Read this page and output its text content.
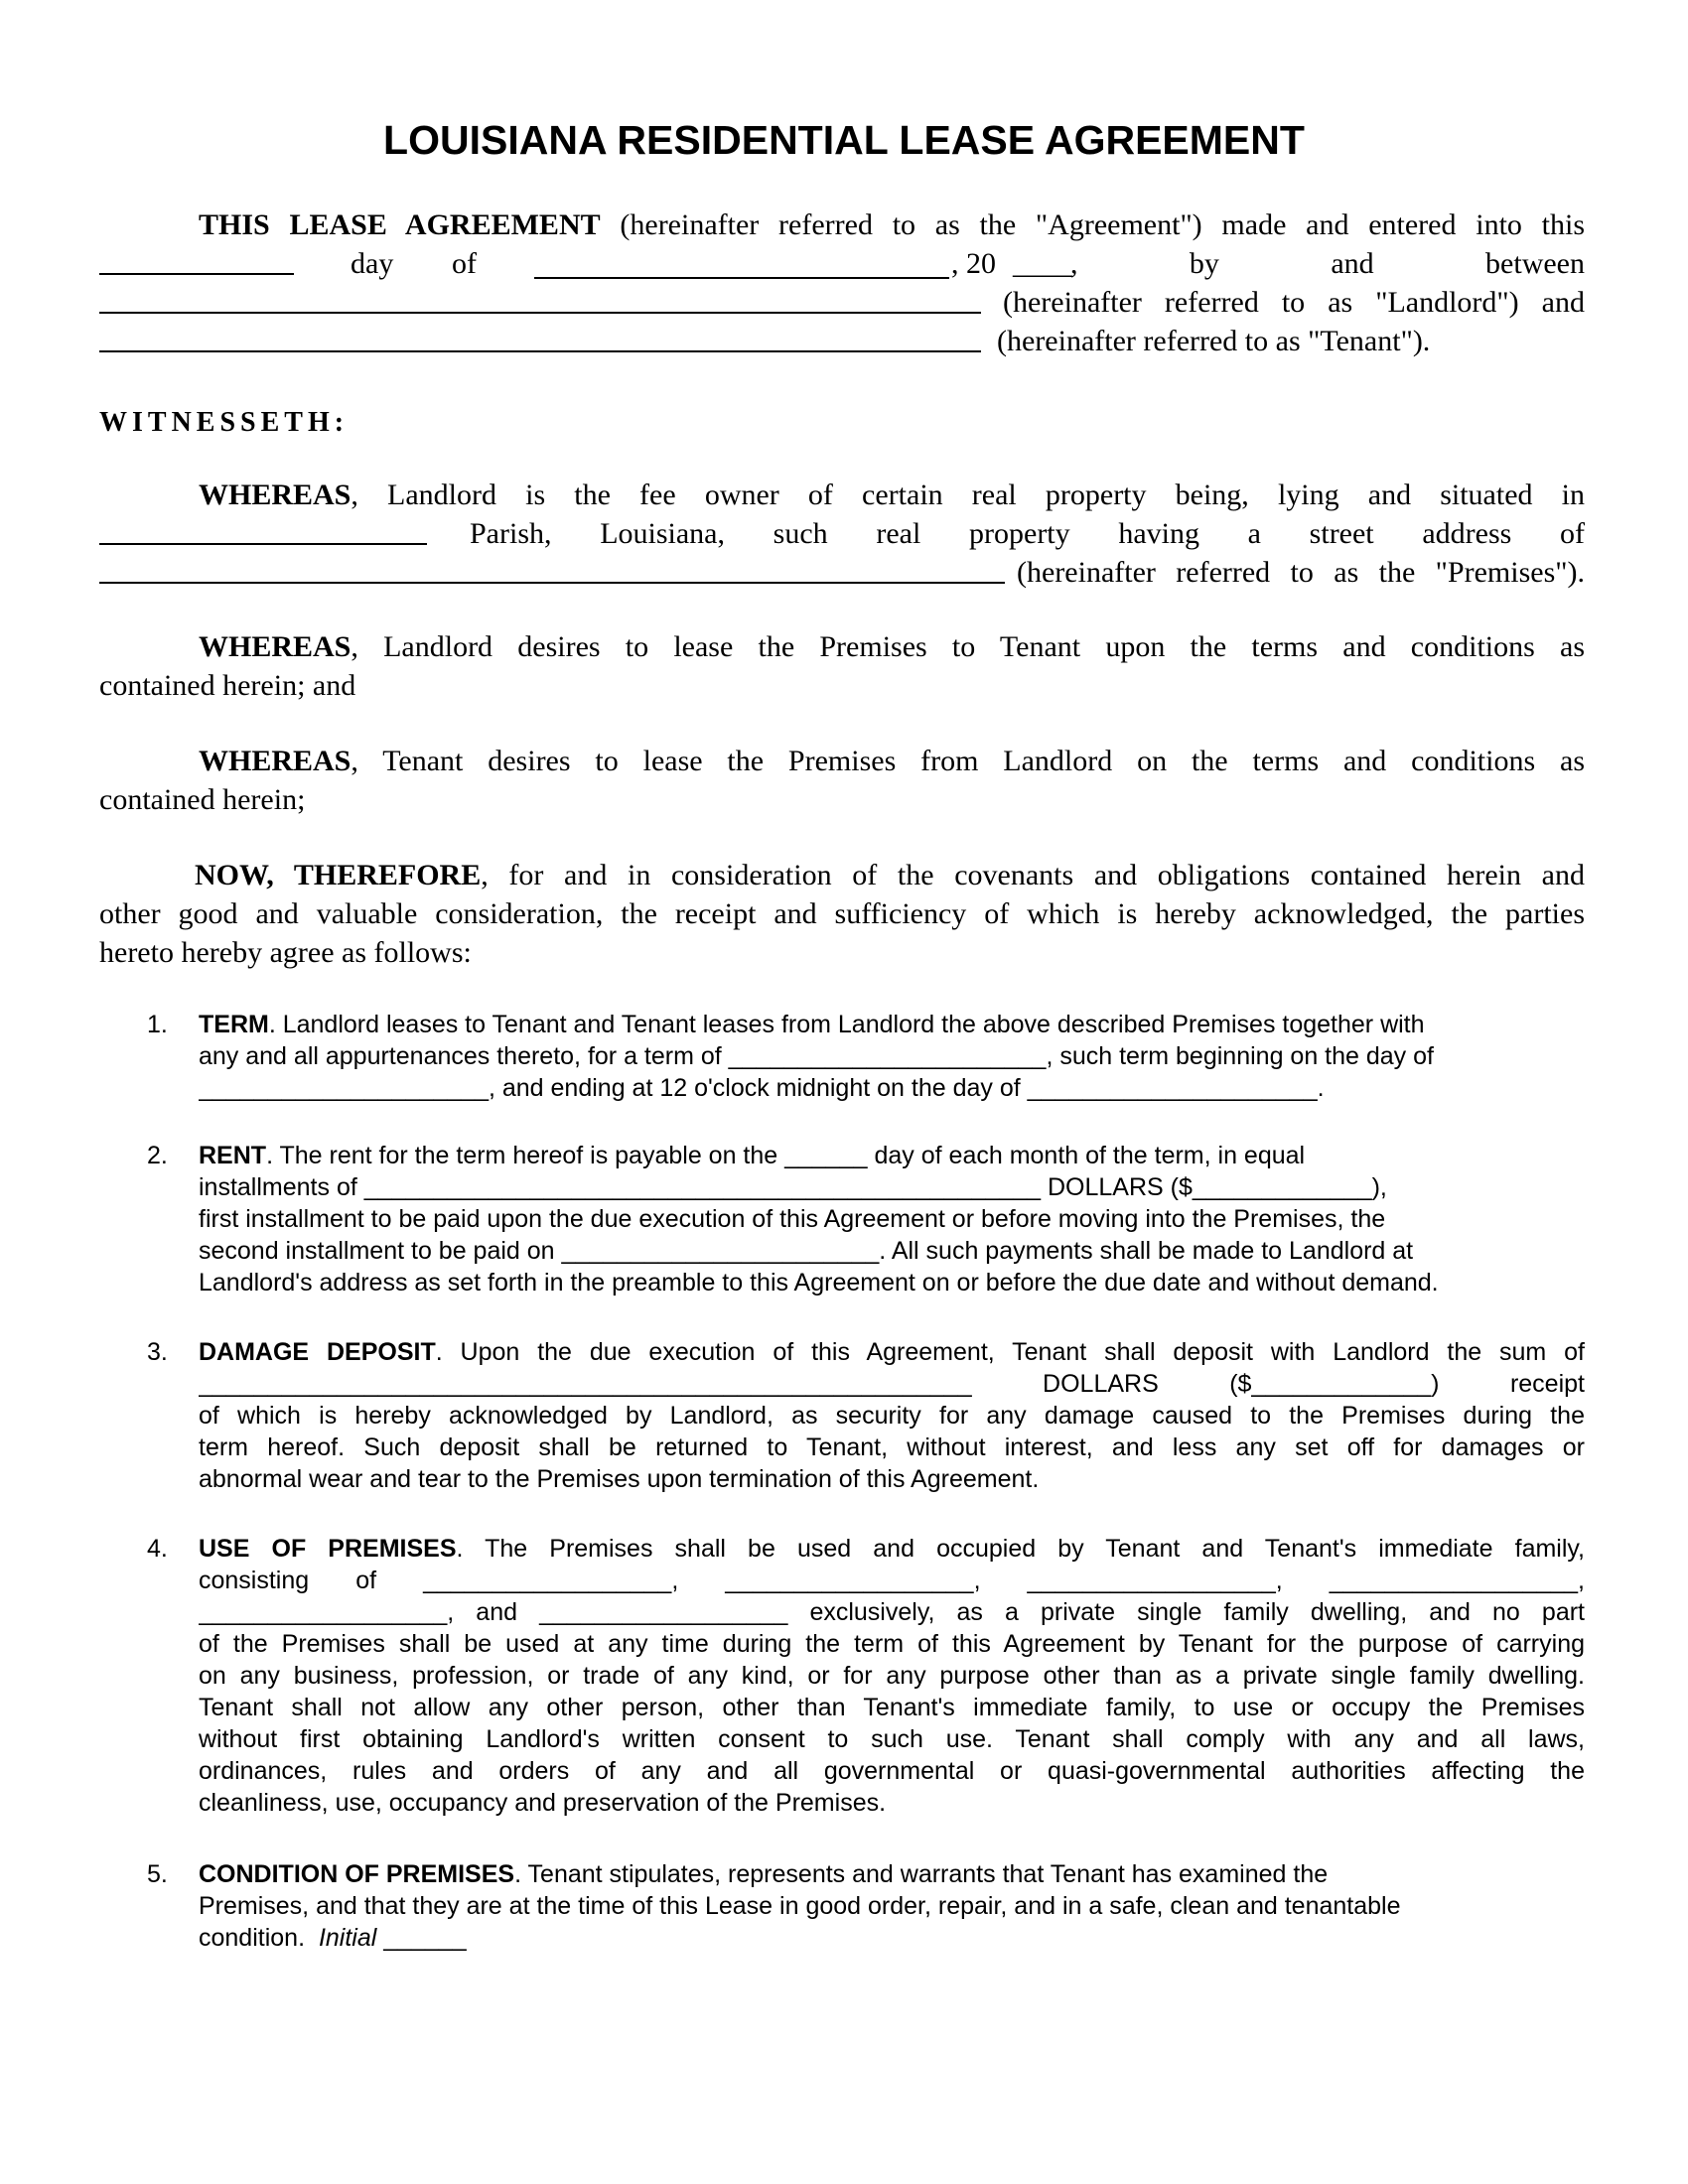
LOUISIANA RESIDENTIAL LEASE AGREEMENT
THIS LEASE AGREEMENT (hereinafter referred to as the "Agreement") made and entered into this
day of	, 20 ____
, by and between
(hereinafter referred to as "Landlord") and
(hereinafter referred to as "Tenant").
WITNESSETH:
WHEREAS, Landlord is the fee owner of certain real property being, lying and situated in
Parish, Louisiana, such real property having a street address of
(hereinafter referred to as the "Premises").
WHEREAS, Landlord desires to lease the Premises to Tenant upon the terms and conditions as
contained herein; and
WHEREAS, Tenant desires to lease the Premises from Landlord on the terms and conditions as
contained herein;
NOW, THEREFORE, for and in consideration of the covenants and obligations contained herein and
other good and valuable consideration, the receipt and sufficiency of which is hereby acknowledged, the parties
hereto hereby agree as follows:
1.	TERM. Landlord leases to Tenant and Tenant leases from Landlord the above described Premises together with
any and all appurtenances thereto, for a term of _______________________, such term beginning on the day of
_____________________, and ending at 12 o'clock midnight on the day of _____________________.
2.	RENT. The rent for the term hereof is payable on the ______ day of each month of the term, in equal
installments of _________________________________________________ DOLLARS ($_____________),
first installment to be paid upon the due execution of this Agreement or before moving into the Premises, the
second installment to be paid on _______________________. All such payments shall be made to Landlord at
Landlord's address as set forth in the preamble to this Agreement on or before the due date and without demand.
3.	DAMAGE DEPOSIT. Upon the due execution of this Agreement, Tenant shall deposit with Landlord the sum of
________________________________________________________ DOLLARS ($_____________) receipt
of which is hereby acknowledged by Landlord, as security for any damage caused to the Premises during the
term hereof. Such deposit shall be returned to Tenant, without interest, and less any set off for damages or
abnormal wear and tear to the Premises upon termination of this Agreement.
4.	USE OF PREMISES. The Premises shall be used and occupied by Tenant and Tenant's immediate family,
consisting of __________________, __________________, __________________, __________________,
__________________, and __________________ exclusively, as a private single family dwelling, and no part
of the Premises shall be used at any time during the term of this Agreement by Tenant for the purpose of carrying
on any business, profession, or trade of any kind, or for any purpose other than as a private single family dwelling.
Tenant shall not allow any other person, other than Tenant's immediate family, to use or occupy the Premises
without first obtaining Landlord's written consent to such use. Tenant shall comply with any and all laws,
ordinances, rules and orders of any and all governmental or quasi-governmental authorities affecting the
cleanliness, use, occupancy and preservation of the Premises.
5.	CONDITION OF PREMISES. Tenant stipulates, represents and warrants that Tenant has examined the
Premises, and that they are at the time of this Lease in good order, repair, and in a safe, clean and tenantable
condition. Initial ______
